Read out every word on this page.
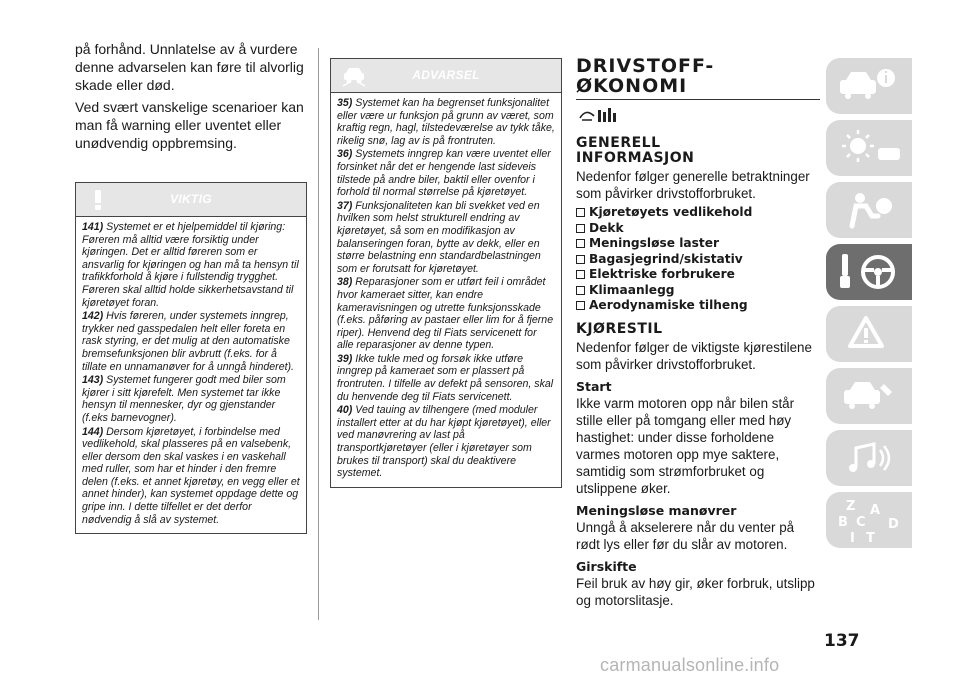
på forhånd. Unnlatelse av å vurdere denne advarselen kan føre til alvorlig skade eller død.

Ved svært vanskelige scenarioer kan man få warning eller uventet eller unødvendig oppbremsing.

VIKTIG

141) Systemet er et hjelpemiddel til kjøring: Føreren må alltid være forsiktig under kjøringen. Det er alltid føreren som er ansvarlig for kjøringen og han må ta hensyn til trafikkforhold å kjøre i fullstendig trygghet. Føreren skal alltid holde sikkerhetsavstand til kjøretøyet foran.

142) Hvis føreren, under systemets inngrep, trykker ned gasspedalen helt eller foreta en rask styring, er det mulig at den automatiske bremsefunksjonen blir avbrutt (f.eks. for å tillate en unnamanøver for å unngå hinderet).

143) Systemet fungerer godt med biler som kjører i sitt kjørefelt. Men systemet tar ikke hensyn til mennesker, dyr og gjenstander (f.eks barnevogner).

144) Dersom kjøretøyet, i forbindelse med vedlikehold, skal plasseres på en valsebenk, eller dersom den skal vaskes i en vaskehall med ruller, som har et hinder i den fremre delen (f.eks. et annet kjøretøy, en vegg eller et annet hinder), kan systemet oppdage dette og gripe inn. I dette tilfellet er det derfor nødvendig å slå av systemet.

ADVARSEL

35) Systemet kan ha begrenset funksjonalitet eller være ur funksjon på grunn av været, som kraftig regn, hagl, tilstedeværelse av tykk tåke, rikelig snø, lag av is på frontruten.

36) Systemets inngrep kan være uventet eller forsinket når det er hengende last sideveis tilstede på andre biler, baktil eller ovenfor i forhold til normal størrelse på kjøretøyet.

37) Funksjonaliteten kan bli svekket ved en hvilken som helst strukturell endring av kjøretøyet, så som en modifikasjon av balanseringen foran, bytte av dekk, eller en større belastning enn standardbelastningen som er forutsatt for kjøretøyet.

38) Reparasjoner som er utført feil i området hvor kameraet sitter, kan endre kameravisningen og utrette funksjonsskade (f.eks. påføring av pastaer eller lim for å fjerne riper). Henvend deg til Fiats servicenett for alle reparasjoner av denne typen.

39) Ikke tukle med og forsøk ikke utføre inngrep på kameraet som er plassert på frontruten. I tilfelle av defekt på sensoren, skal du henvende deg til Fiats servicenett.

40) Ved tauing av tilhengere (med moduler installert etter at du har kjøpt kjøretøyet), eller ved manøvrering av last på transportkjøretøyer (eller i kjøretøyer som brukes til transport) skal du deaktivere systemet.

DRIVSTOFF-
ØKONOMI
GENERELL
INFORMASJON

Nedenfor følger generelle betraktninger som påvirker drivstofforbruket.

Kjøretøyets vedlikehold
Dekk
Meningsløse laster
Bagasjegrind/skistativ
Elektriske forbrukere
Klimaanlegg
Aerodynamiske tilheng
KJØRESTIL

Nedenfor følger de viktigste kjørestilene som påvirker drivstofforbruket.

Start

Ikke varm motoren opp når bilen står stille eller på tomgang eller med høy hastighet: under disse forholdene varmes motoren opp mye saktere, samtidig som strømforbruket og utslippene øker.

Meningsløse manøvrer

Unngå å akselerere når du venter på rødt lys eller før du slår av motoren.

Girskifte

Feil bruk av høy gir, øker forbruk, utslipp og motorslitasje.

Z A
B C D
I T
137
carmanualsonline.info
